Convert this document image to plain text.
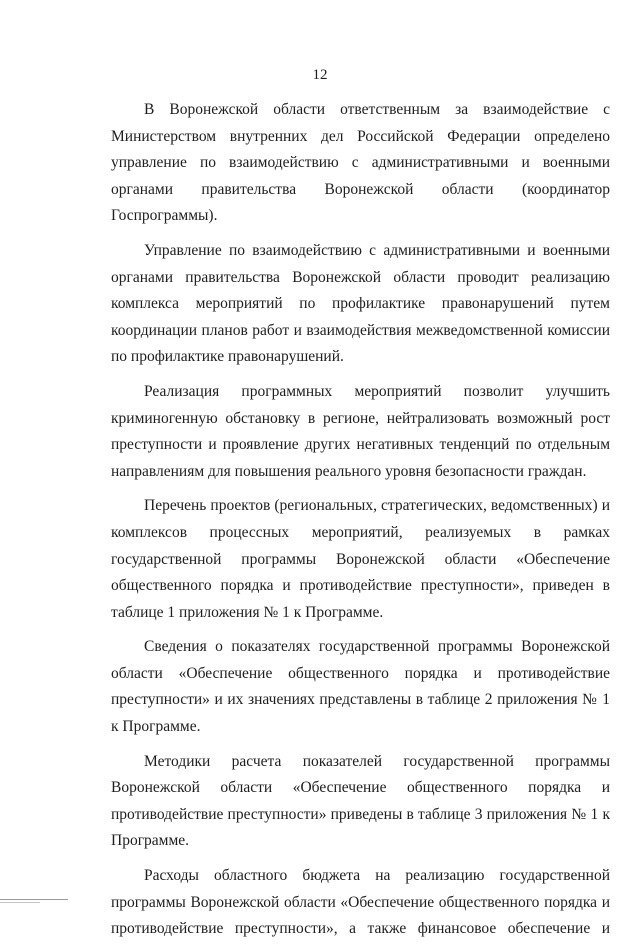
12

В Воронежской области ответственным за взаимодействие с Министерством внутренних дел Российской Федерации определено управление по взаимодействию с административными и военными органами правительства Воронежской области (координатор Госпрограммы).

Управление по взаимодействию с административными и военными органами правительства Воронежской области проводит реализацию комплекса мероприятий по профилактике правонарушений путем координации планов работ и взаимодействия межведомственной комиссии по профилактике правонарушений.

Реализация программных мероприятий позволит улучшить криминогенную обстановку в регионе, нейтрализовать возможный рост преступности и проявление других негативных тенденций по отдельным направлениям для повышения реального уровня безопасности граждан.

Перечень проектов (региональных, стратегических, ведомственных) и комплексов процессных мероприятий, реализуемых в рамках государственной программы Воронежской области «Обеспечение общественного порядка и противодействие преступности», приведен в таблице 1 приложения № 1 к Программе.

Сведения о показателях государственной программы Воронежской области «Обеспечение общественного порядка и противодействие преступности» и их значениях представлены в таблице 2 приложения № 1 к Программе.

Методики расчета показателей государственной программы Воронежской области «Обеспечение общественного порядка и противодействие преступности» приведены в таблице 3 приложения № 1 к Программе.

Расходы областного бюджета на реализацию государственной программы Воронежской области «Обеспечение общественного порядка и противодействие преступности», а также финансовое обеспечение и
